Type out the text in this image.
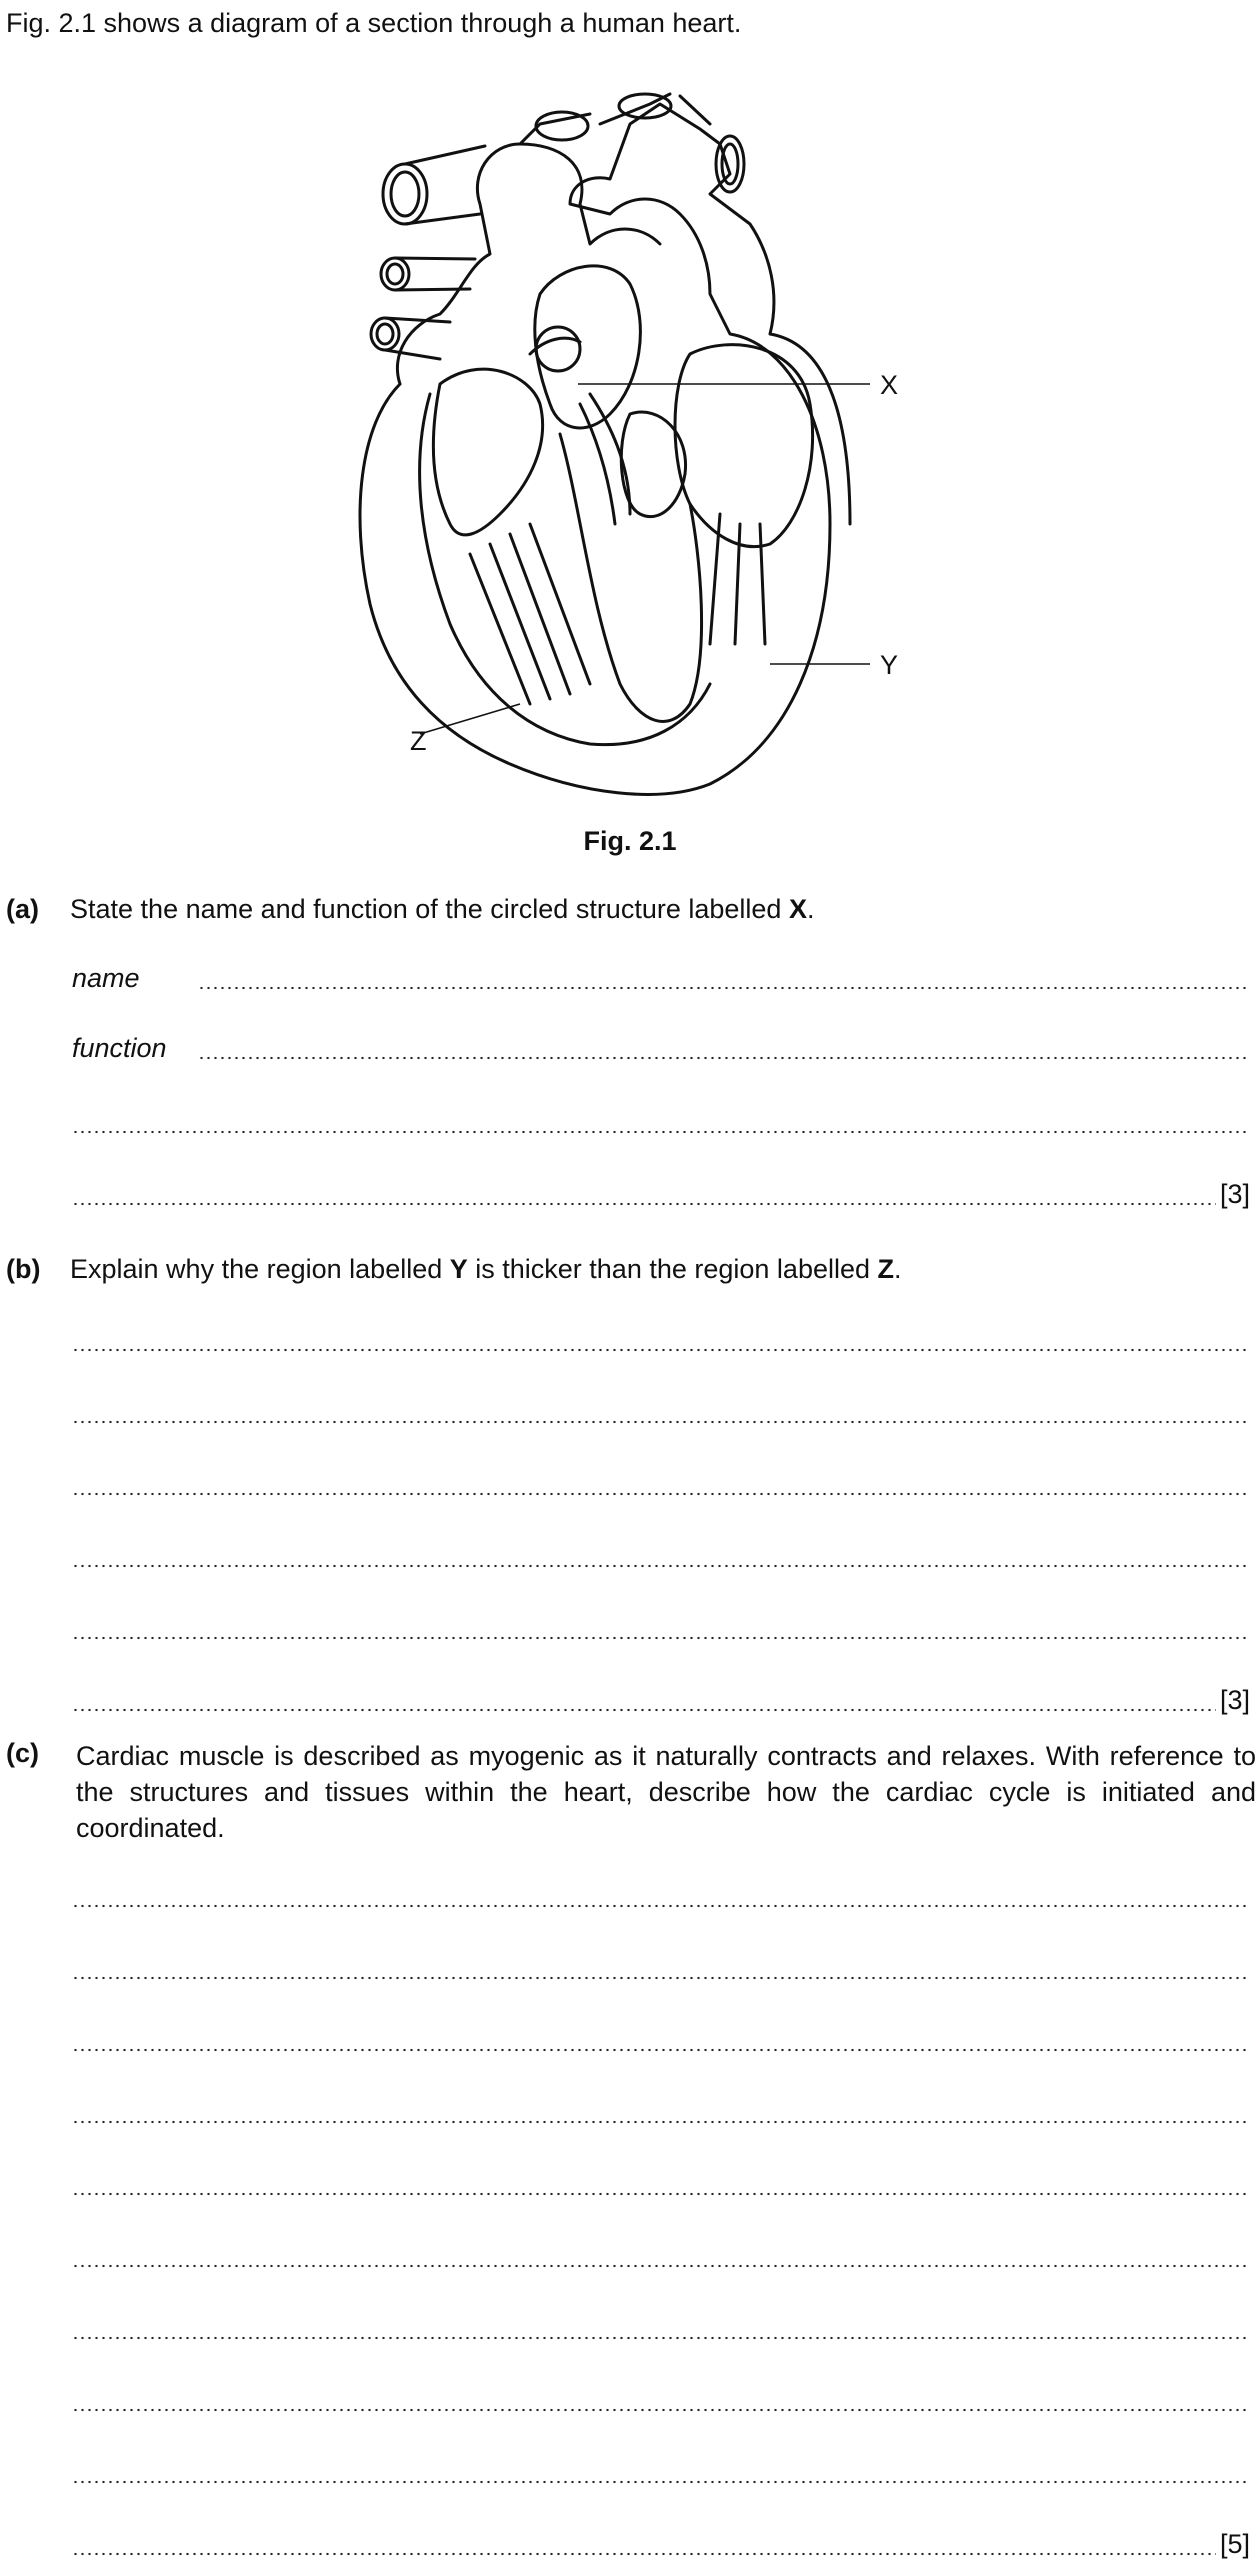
Fig. 2.1 shows a diagram of a section through a human heart.
X
Y
Z
Fig. 2.1
(a) State the name and function of the circled structure labelled X.
name
function
[3]
(b) Explain why the region labelled Y is thicker than the region labelled Z.
[3]
(c) Cardiac muscle is described as myogenic as it naturally contracts and relaxes. With reference to the structures and tissues within the heart, describe how the cardiac cycle is initiated and coordinated.
[5]
